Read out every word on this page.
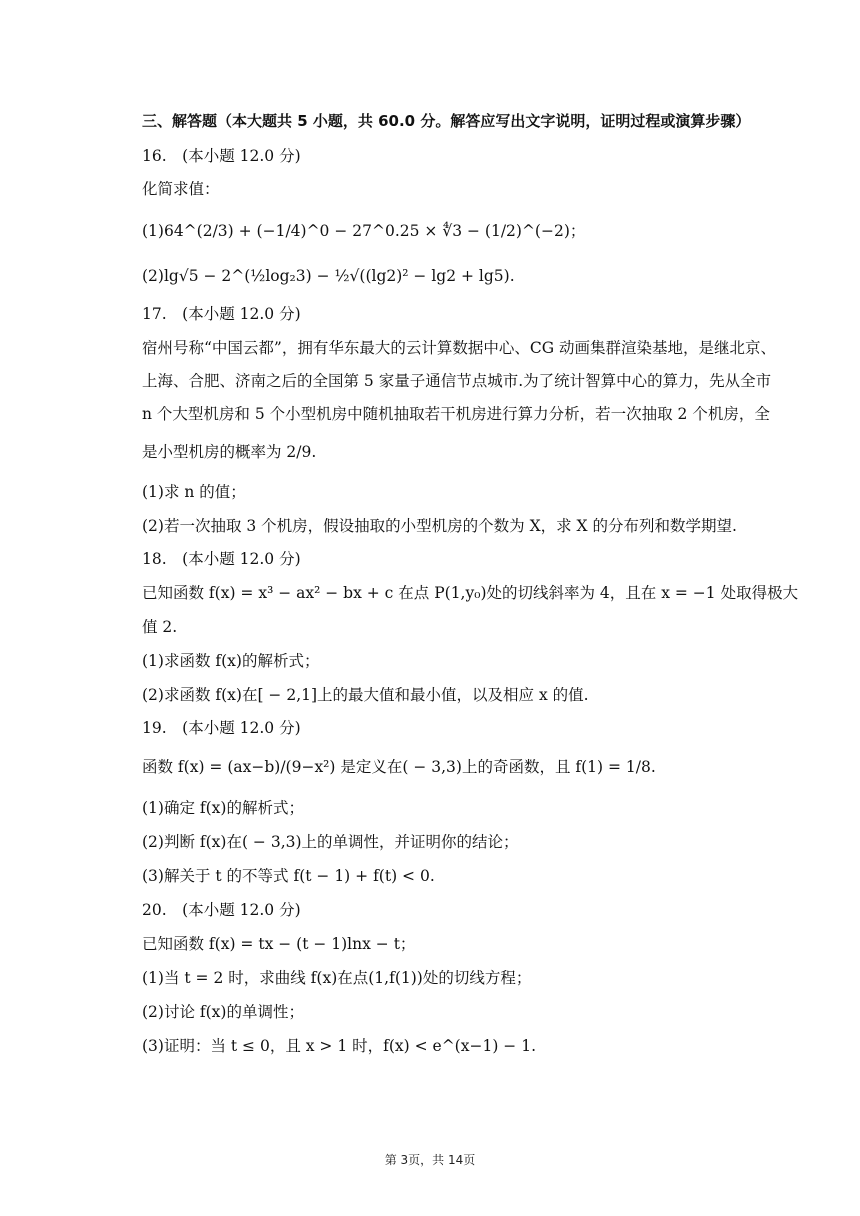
三、解答题（本大题共 5 小题，共 60.0 分。解答应写出文字说明，证明过程或演算步骤）
16.　(本小题 12.0 分)
化简求值：
(1)64^(2/3) + (−1/4)^0 − 27^0.25 × ∜3 − (1/2)^(−2)；
(2)lg√5 − 2^(½log₂3) − ½√((lg2)² − lg2 + lg5).
17.　(本小题 12.0 分)
宿州号称“中国云都”，拥有华东最大的云计算数据中心、CG 动画集群渲染基地，是继北京、
上海、合肥、济南之后的全国第 5 家量子通信节点城市.为了统计智算中心的算力，先从全市
n 个大型机房和 5 个小型机房中随机抽取若干机房进行算力分析，若一次抽取 2 个机房，全
是小型机房的概率为 2/9.
(1)求 n 的值；
(2)若一次抽取 3 个机房，假设抽取的小型机房的个数为 X，求 X 的分布列和数学期望.
18.　(本小题 12.0 分)
已知函数 f(x) = x³ − ax² − bx + c 在点 P(1,y₀)处的切线斜率为 4，且在 x = −1 处取得极大
值 2.
(1)求函数 f(x)的解析式；
(2)求函数 f(x)在[ − 2,1]上的最大值和最小值，以及相应 x 的值.
19.　(本小题 12.0 分)
函数 f(x) = (ax−b)/(9−x²) 是定义在( − 3,3)上的奇函数，且 f(1) = 1/8.
(1)确定 f(x)的解析式；
(2)判断 f(x)在( − 3,3)上的单调性，并证明你的结论；
(3)解关于 t 的不等式 f(t − 1) + f(t) < 0.
20.　(本小题 12.0 分)
已知函数 f(x) = tx − (t − 1)lnx − t；
(1)当 t = 2 时，求曲线 f(x)在点(1,f(1))处的切线方程；
(2)讨论 f(x)的单调性；
(3)证明：当 t ≤ 0，且 x > 1 时，f(x) < e^(x−1) − 1.
第 3页，共 14页
